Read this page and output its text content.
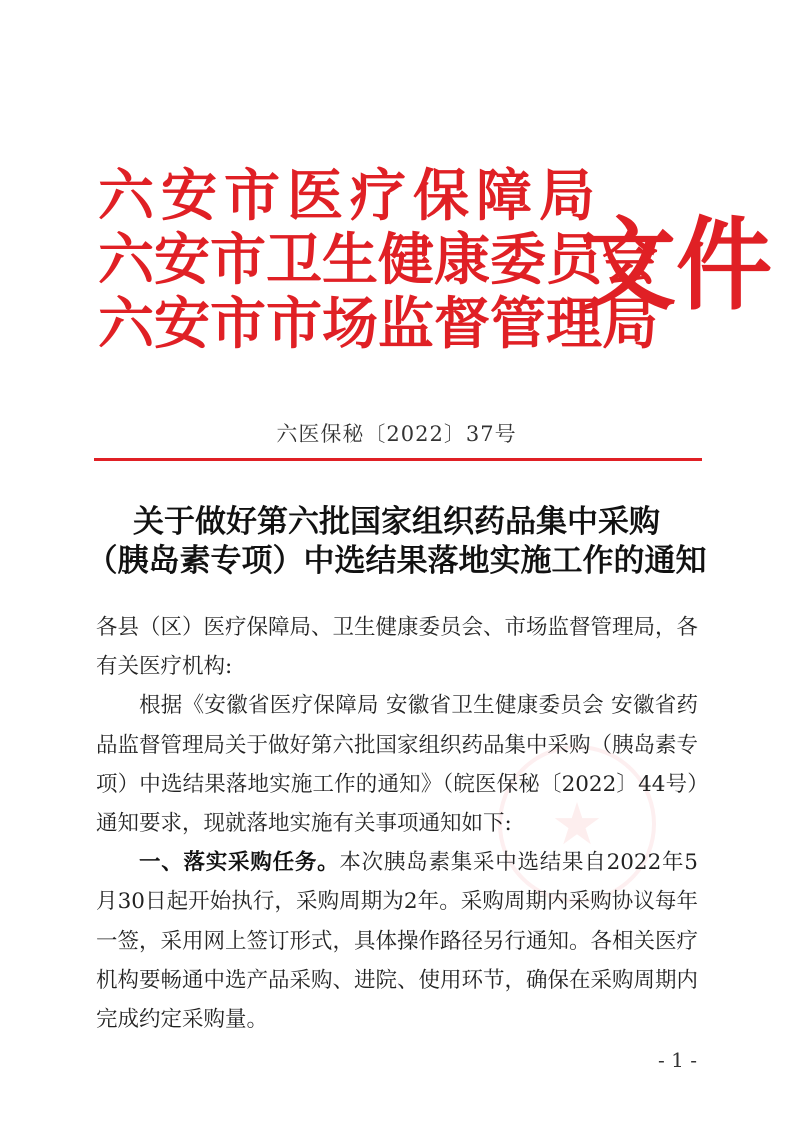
六安市医疗保障局
六安市卫生健康委员会
六安市市场监督管理局
文件
六医保秘〔2022〕37号
关于做好第六批国家组织药品集中采购
（胰岛素专项）中选结果落地实施工作的通知
★

各县（区）医疗保障局、卫生健康委员会、市场监督管理局，各有关医疗机构:

根据《安徽省医疗保障局 安徽省卫生健康委员会 安徽省药品监督管理局关于做好第六批国家组织药品集中采购（胰岛素专项）中选结果落地实施工作的通知》（皖医保秘〔2022〕44号）通知要求，现就落地实施有关事项通知如下:

一、落实采购任务。本次胰岛素集采中选结果自2022年5月30日起开始执行，采购周期为2年。采购周期内采购协议每年一签，采用网上签订形式，具体操作路径另行通知。各相关医疗机构要畅通中选产品采购、进院、使用环节，确保在采购周期内完成约定采购量。

- 1 -
